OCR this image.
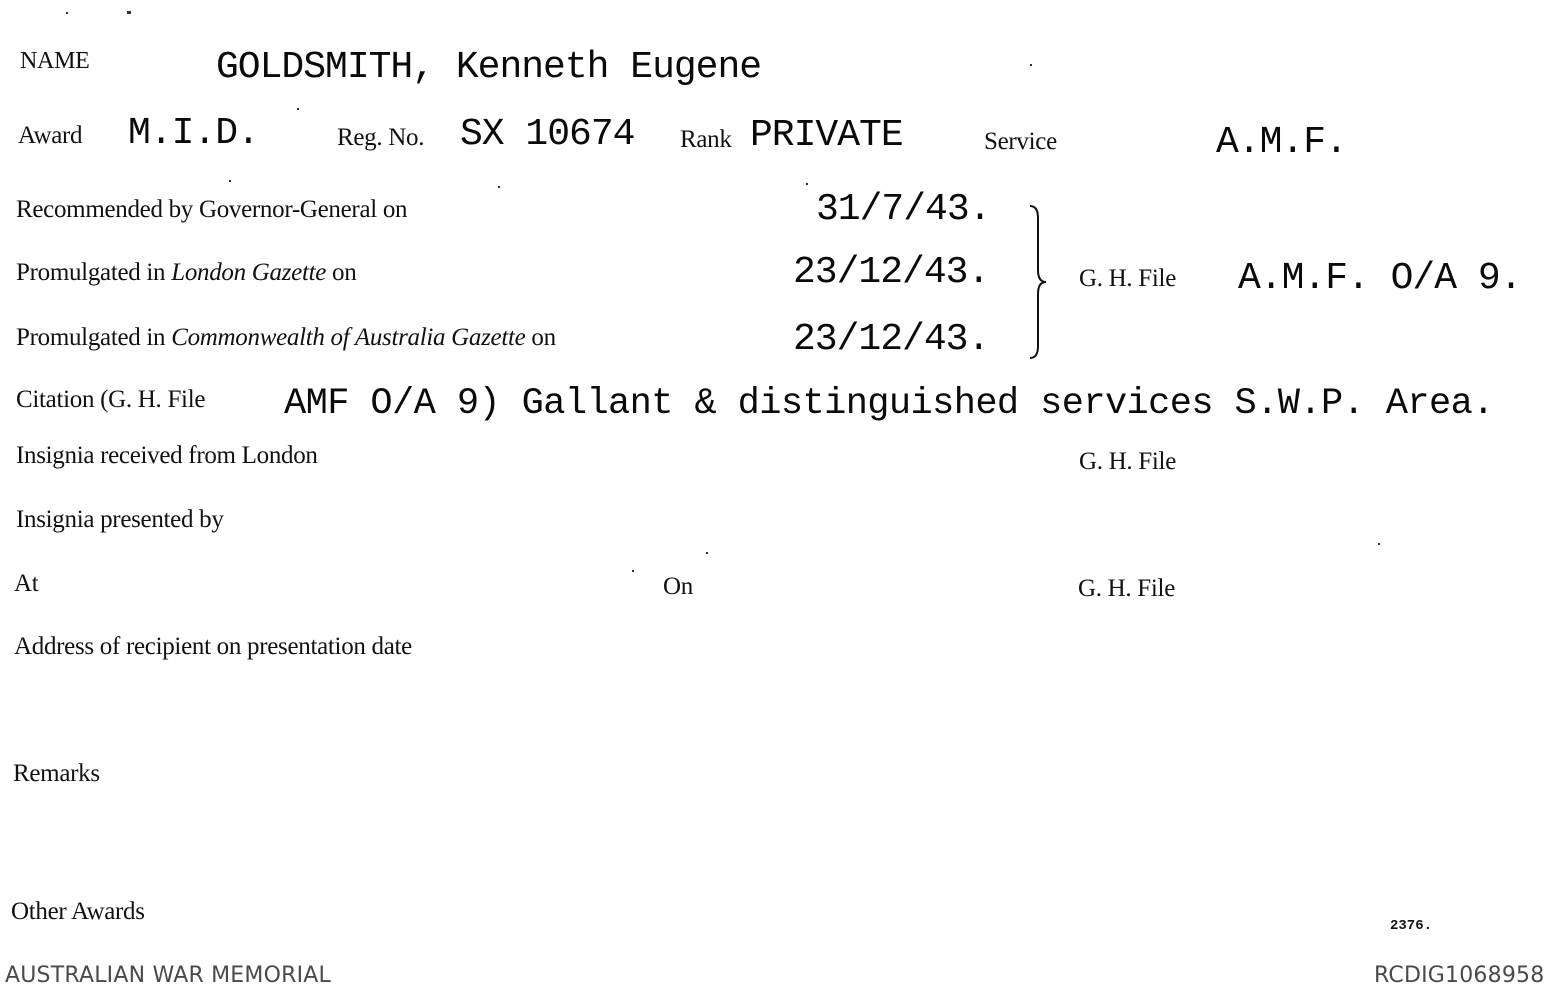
NAME	GOLDSMITH, Kenneth Eugene
Award M.I.D.	Reg. No. SX 10674 Rank PRIVATE	Service	A.M.F.
Recommended by Governor-General on	31/7/43.
Promulgated in London Gazette on	23/12/43.
Promulgated in Commonwealth of Australia Gazette on	23/12/43.
G. H. File A.M.F. O/A 9.
Citation (G. H. File AMF O/A 9) Gallant & distinguished services S.W.P. Area.
Insignia received from London	G. H. File
Insignia presented by
At	On	G. H. File
Address of recipient on presentation date
Remarks
Other Awards
2376.
AUSTRALIAN WAR MEMORIAL	RCDIG1068958
